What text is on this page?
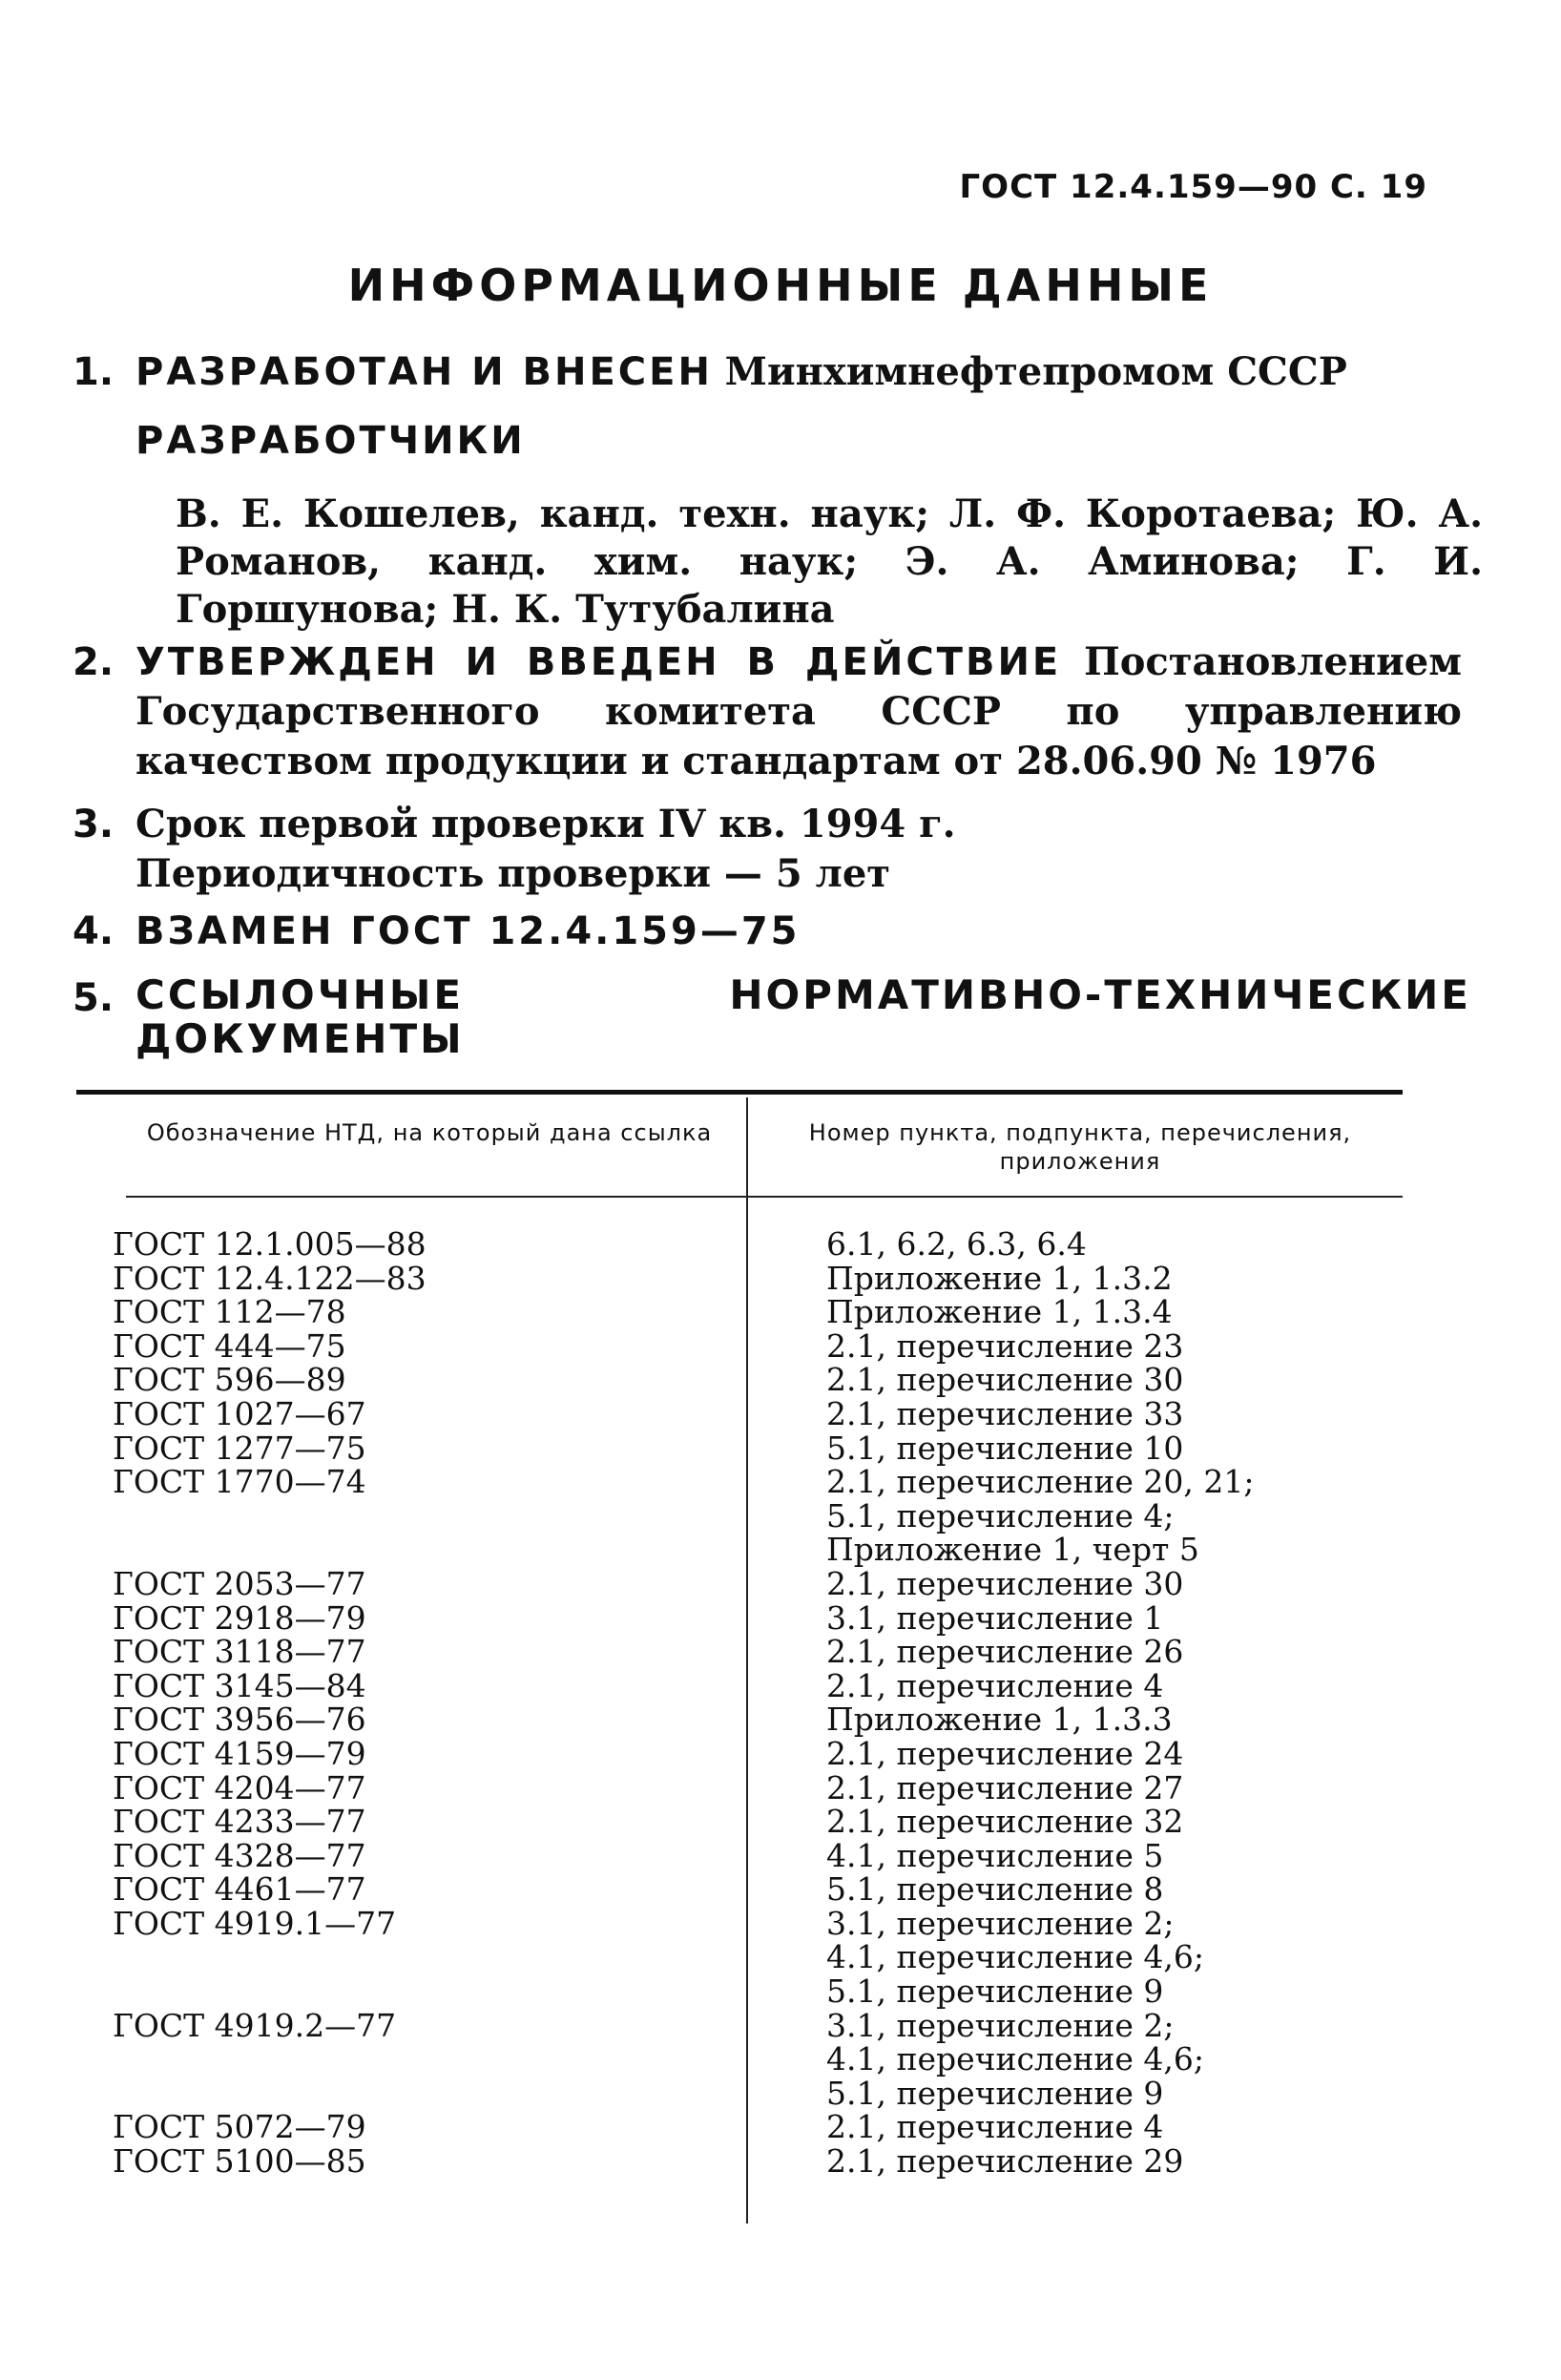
ГОСТ 12.4.159—90 С. 19
ИНФОРМАЦИОННЫЕ ДАННЫЕ
1. РАЗРАБОТАН И ВНЕСЕН Минхимнефтепромом СССР
РАЗРАБОТЧИКИ
В. Е. Кошелев, канд. техн. наук; Л. Ф. Коротаева; Ю. А. Романов, канд. хим. наук; Э. А. Аминова; Г. И. Горшунова; Н. К. Тутубалина
2. УТВЕРЖДЕН И ВВЕДЕН В ДЕЙСТВИЕ Постановлением Государственного комитета СССР по управлению качеством продукции и стандартам от 28.06.90 № 1976
3. Срок первой проверки IV кв. 1994 г.
Периодичность проверки — 5 лет
4. ВЗАМЕН ГОСТ 12.4.159—75
5. ССЫЛОЧНЫЕ НОРМАТИВНО-ТЕХНИЧЕСКИЕ ДОКУМЕНТЫ
Обозначение НТД, на который дана ссылка	Номер пункта, подпункта, перечисления, приложения
ГОСТ 12.1.005—88	6.1, 6.2, 6.3, 6.4
ГОСТ 12.4.122—83	Приложение 1, 1.3.2
ГОСТ 112—78	Приложение 1, 1.3.4
ГОСТ 444—75	2.1, перечисление 23
ГОСТ 596—89	2.1, перечисление 30
ГОСТ 1027—67	2.1, перечисление 33
ГОСТ 1277—75	5.1, перечисление 10
ГОСТ 1770—74	2.1, перечисление 20, 21;
5.1, перечисление 4;
Приложение 1, черт 5
ГОСТ 2053—77	2.1, перечисление 30
ГОСТ 2918—79	3.1, перечисление 1
ГОСТ 3118—77	2.1, перечисление 26
ГОСТ 3145—84	2.1, перечисление 4
ГОСТ 3956—76	Приложение 1, 1.3.3
ГОСТ 4159—79	2.1, перечисление 24
ГОСТ 4204—77	2.1, перечисление 27
ГОСТ 4233—77	2.1, перечисление 32
ГОСТ 4328—77	4.1, перечисление 5
ГОСТ 4461—77	5.1, перечисление 8
ГОСТ 4919.1—77	3.1, перечисление 2;
4.1, перечисление 4,6;
5.1, перечисление 9
ГОСТ 4919.2—77	3.1, перечисление 2;
4.1, перечисление 4,6;
5.1, перечисление 9
ГОСТ 5072—79	2.1, перечисление 4
ГОСТ 5100—85	2.1, перечисление 29
